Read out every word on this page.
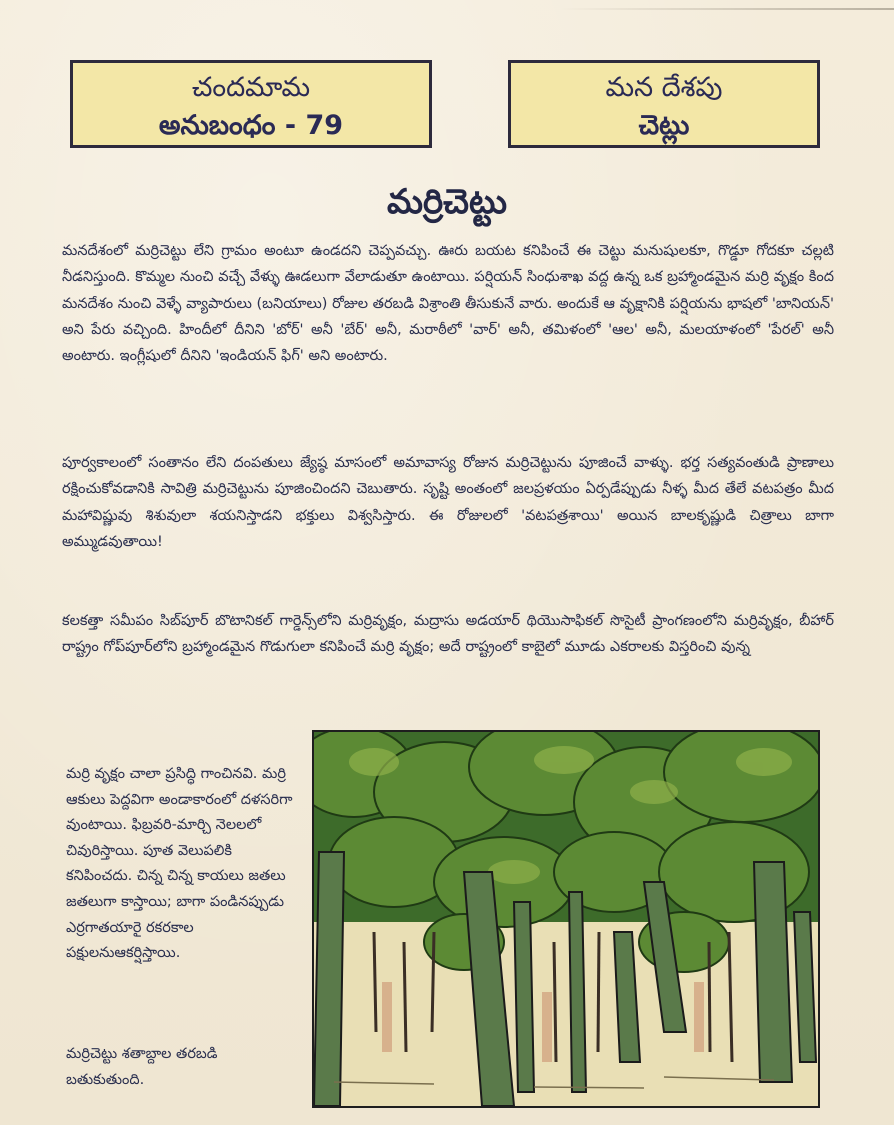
చందమామ
అనుబంధం - 79
మన దేశపు
చెట్లు
మర్రిచెట్టు

మనదేశంలో మర్రిచెట్టు లేని గ్రామం అంటూ ఉండదని చెప్పవచ్చు. ఊరు బయట కనిపించే ఈ చెట్టు మనుషులకూ, గొడ్డూ గోదకూ చల్లటి నీడనిస్తుంది. కొమ్మల నుంచి వచ్చే వేళ్ళు ఊడలుగా వేలాడుతూ ఉంటాయి. పర్షియన్ సింధుశాఖ వద్ద ఉన్న ఒక బ్రహ్మాండమైన మర్రి వృక్షం కింద మనదేశం నుంచి వెళ్ళే వ్యాపారులు (బనియాలు) రోజుల తరబడి విశ్రాంతి తీసుకునే వారు. అందుకే ఆ వృక్షానికి పర్షియను భాషలో 'బానియన్' అని పేరు వచ్చింది. హిందీలో దీనిని 'బోర్' అనీ 'బేర్' అనీ, మరాఠీలో 'వార్' అనీ, తమిళంలో 'ఆల' అనీ, మలయాళంలో 'పేరల్' అనీ అంటారు. ఇంగ్లీషులో దీనిని 'ఇండియన్ ఫిగ్' అని అంటారు.

పూర్వకాలంలో సంతానం లేని దంపతులు జ్యేష్ఠ మాసంలో అమావాస్య రోజున మర్రిచెట్టును పూజించే వాళ్ళు. భర్త సత్యవంతుడి ప్రాణాలు రక్షించుకోవడానికి సావిత్రి మర్రిచెట్టును పూజించిందని చెబుతారు. సృష్టి అంతంలో జలప్రళయం ఏర్పడేప్పుడు నీళ్ళ మీద తేలే వటపత్రం మీద మహావిష్ణువు శిశువులా శయనిస్తాడని భక్తులు విశ్వసిస్తారు. ఈ రోజులలో 'వటపత్రశాయి' అయిన బాలకృష్ణుడి చిత్రాలు బాగా అమ్ముడవుతాయి!

కలకత్తా సమీపం సిబ్‌పూర్ బొటానికల్ గార్డెన్స్‌లోని మర్రివృక్షం, మద్రాసు అడయార్ థియొసాఫికల్ సొసైటీ ప్రాంగణంలోని మర్రివృక్షం, బీహార్ రాష్ట్రం గోప్‌పూర్‌లోని బ్రహ్మాండమైన గొడుగులా కనిపించే మర్రి వృక్షం; అదే రాష్ట్రంలో కాబైలో మూడు ఎకరాలకు విస్తరించి వున్న

మర్రి వృక్షం చాలా ప్రసిద్ధి గాంచినవి. మర్రి ఆకులు పెద్దవిగా అండాకారంలో దళసరిగా వుంటాయి. ఫిబ్రవరి-మార్చి నెలలలో చివురిస్తాయి. పూత వెలుపలికి కనిపించదు. చిన్న చిన్న కాయలు జతలు జతలుగా కాస్తాయి; బాగా పండినప్పుడు ఎర్రగాతయారై రకరకాల పక్షులనుఆకర్షిస్తాయి.

మర్రిచెట్టు శతాబ్దాల తరబడి బతుకుతుంది.
